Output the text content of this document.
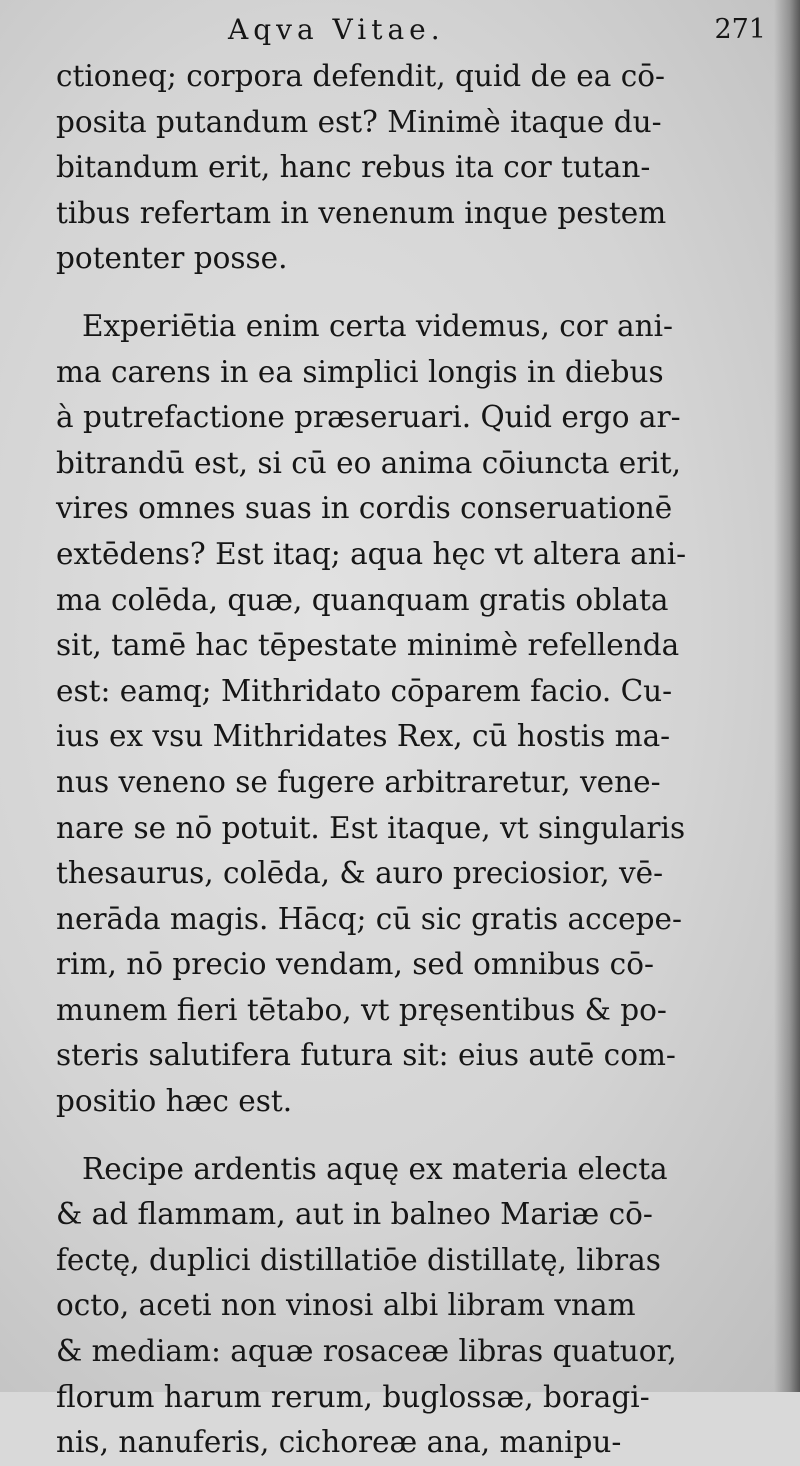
Aqva Vitae.	271
ctioneq; corpora defendit, quid de ea cō-
posita putandum est? Minimè itaque du-
bitandum erit, hanc rebus ita cor tutan-
tibus refertam in venenum inque pestem
potenter posse.
Experiētia enim certa videmus, cor ani-
ma carens in ea simplici longis in diebus
à putrefactione præseruari. Quid ergo ar-
bitrandū est, si cū eo anima cōiuncta erit,
vires omnes suas in cordis conseruationē
extēdens? Est itaq; aqua hęc vt altera ani-
ma colēda, quæ, quanquam gratis oblata
sit, tamē hac tēpestate minimè refellenda
est: eamq; Mithridato cōparem facio. Cu-
ius ex vsu Mithridates Rex, cū hostis ma-
nus veneno se fugere arbitraretur, vene-
nare se nō potuit. Est itaque, vt singularis
thesaurus, colēda, & auro preciosior, vē-
nerāda magis. Hācq; cū sic gratis accepe-
rim, nō precio vendam, sed omnibus cō-
munem fieri tētabo, vt pręsentibus & po-
steris salutifera futura sit: eius autē com-
positio hæc est.
Recipe ardentis aquę ex materia electa
& ad flammam, aut in balneo Mariæ cō-
fectę, duplici distillatiōe distillatę, libras
octo, aceti non vinosi albi libram vnam
& mediam: aquæ rosaceæ libras quatuor,
florum harum rerum, buglossæ, boragi-
nis, nanuferis, cichoreæ ana, manipu-
